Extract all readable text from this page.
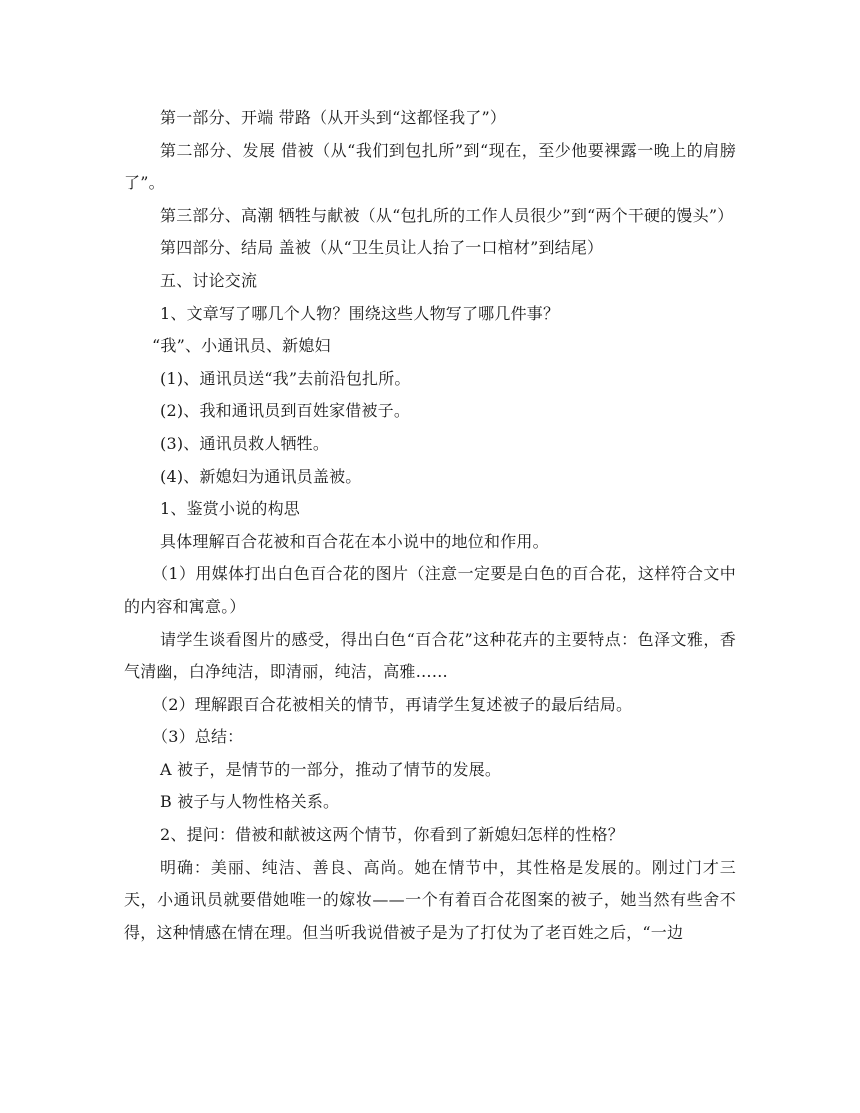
第一部分、开端 带路（从开头到“这都怪我了”）

第二部分、发展 借被（从“我们到包扎所”到“现在，至少他要裸露一晚上的肩膀了”。

第三部分、高潮 牺牲与献被（从“包扎所的工作人员很少”到“两个干硬的馒头”）

第四部分、结局 盖被（从“卫生员让人抬了一口棺材”到结尾）

五、讨论交流

1、文章写了哪几个人物？围绕这些人物写了哪几件事？

“我”、小通讯员、新媳妇

(1)、通讯员送“我”去前沿包扎所。

(2)、我和通讯员到百姓家借被子。

(3)、通讯员救人牺牲。

(4)、新媳妇为通讯员盖被。

1、鉴赏小说的构思

具体理解百合花被和百合花在本小说中的地位和作用。

（1）用媒体打出白色百合花的图片（注意一定要是白色的百合花，这样符合文中的内容和寓意。）

请学生谈看图片的感受，得出白色“百合花”这种花卉的主要特点：色泽文雅，香气清幽，白净纯洁，即清丽，纯洁，高雅……

（2）理解跟百合花被相关的情节，再请学生复述被子的最后结局。

（3）总结：

A 被子，是情节的一部分，推动了情节的发展。

B 被子与人物性格关系。

2、提问：借被和献被这两个情节，你看到了新媳妇怎样的性格？

明确：美丽、纯洁、善良、高尚。她在情节中，其性格是发展的。刚过门才三天，小通讯员就要借她唯一的嫁妆——一个有着百合花图案的被子，她当然有些舍不得，这种情感在情在理。但当听我说借被子是为了打仗为了老百姓之后，“一边
